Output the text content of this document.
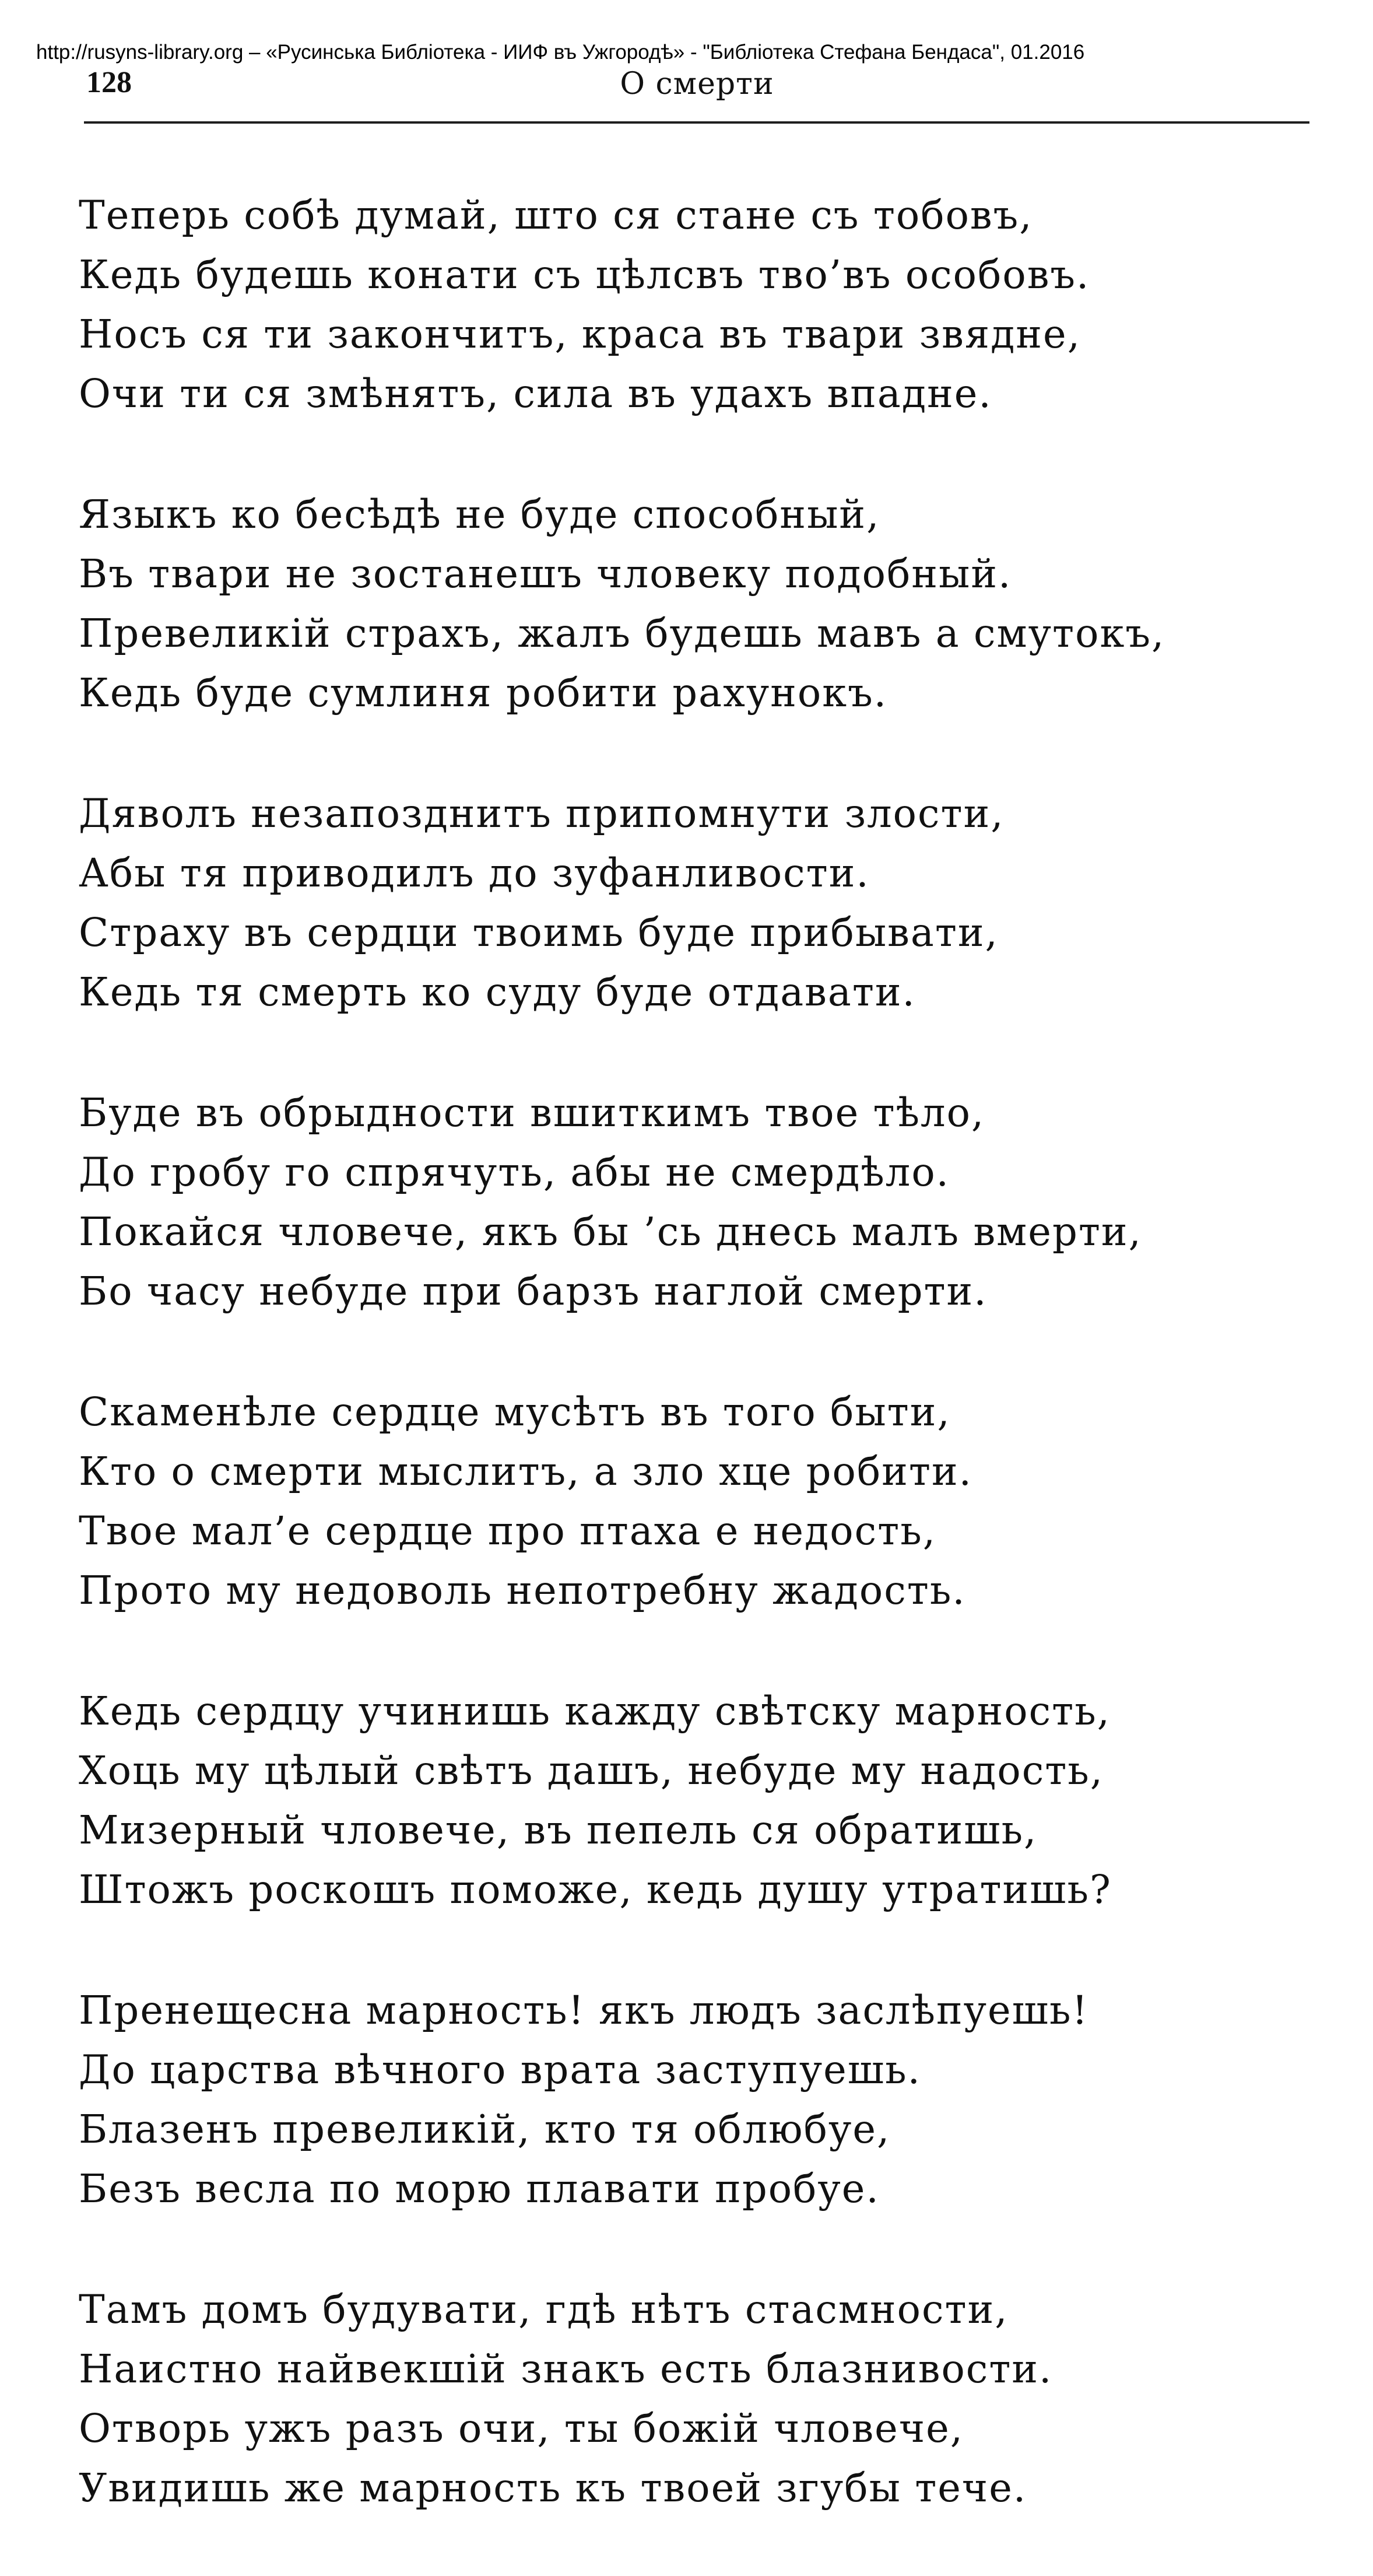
http://rusyns-library.org – «Русинська Библіотека - ИИФ въ Ужгородѣ» - "Библіотека Стефана Бендаса", 01.2016
128	О смерти
Теперь собѣ думай, што ся стане съ тобовъ,
Кедь будешь конати съ цѣлсвъ тво’въ особовъ.
Носъ ся ти закончитъ, краса въ твари звядне,
Очи ти ся змѣнятъ, сила въ удахъ впадне.
Языкъ ко бесѣдѣ не буде способный,
Въ твари не зостанешъ чловеку подобный.
Превеликій страхъ, жалъ будешь мавъ а смутокъ,
Кедь буде сумлиня робити рахунокъ.
Дяволъ незапозднитъ припомнути злости,
Абы тя приводилъ до зуфанливости.
Страху въ сердци твоимь буде прибывати,
Кедь тя смерть ко суду буде отдавати.
Буде въ обрыдности вшиткимъ твое тѣло,
До гробу го спрячуть, абы не смердѣло.
Покайся чловече, якъ бы ’сь днесь малъ вмерти,
Бо часу небуде при барзъ наглой смерти.
Скаменѣле сердце мусѣтъ въ того быти,
Кто о смерти мыслитъ, а зло хце робити.
Твое мал’е сердце про птаха е недость,
Прото му недоволь непотребну жадость.
Кедь сердцу учинишь кажду свѣтску марность,
Хоць му цѣлый свѣтъ дашъ, небуде му надость,
Мизерный чловече, въ пепель ся обратишь,
Штожъ роскошъ поможе, кедь душу утратишь?
Пренещесна марность! якъ людъ заслѣпуешь!
До царства вѣчного врата заступуешь.
Блазенъ превеликій, кто тя облюбуе,
Безъ весла по морю плавати пробуе.
Тамъ домъ будувати, гдѣ нѣтъ стасмности,
Наистно найвекшій знакъ есть блазнивости.
Отворь ужъ разъ очи, ты божій чловече,
Увидишь же марность къ твоей згубы тече.
